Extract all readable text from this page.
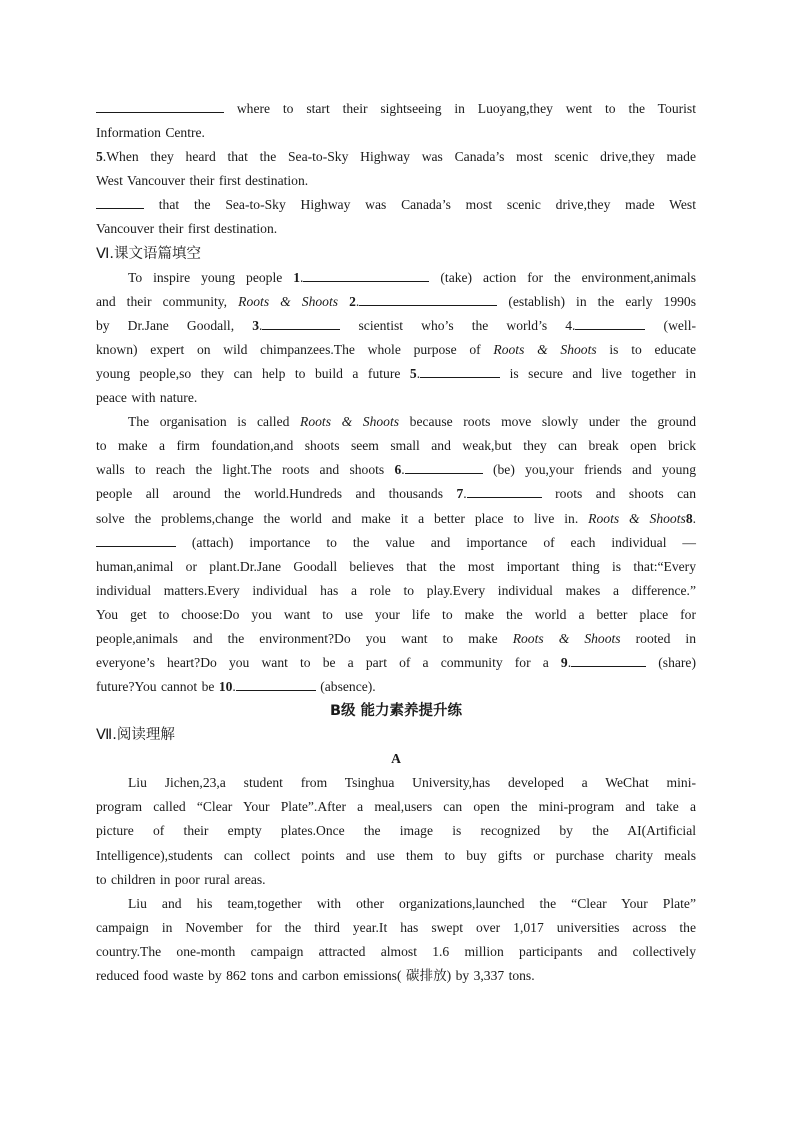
where to start their sightseeing in Luoyang,they went to the Tourist
Information Centre.
5.When they heard that the Sea-to-Sky Highway was Canada’s most scenic drive,they made
West Vancouver their first destination.
that the Sea-to-Sky Highway was Canada’s most scenic drive,they made West
Vancouver their first destination.
Ⅵ.课文语篇填空
To inspire young people 1.	(take) action for the environment,animals
and their community, Roots & Shoots 2.	(establish) in the early 1990s
by Dr.Jane Goodall, 3.	scientist who’s the world’s 4.	(well-
known) expert on wild chimpanzees.The whole purpose of Roots & Shoots is to educate
young people,so they can help to build a future 5.	is secure and live together in
peace with nature.
The organisation is called Roots & Shoots because roots move slowly under the ground
to make a firm foundation,and shoots seem small and weak,but they can break open brick
walls to reach the light.The roots and shoots 6.	(be) you,your friends and young
people all around the world.Hundreds and thousands 7.	roots and shoots can
solve the problems,change the world and make it a better place to live in. Roots & Shoots8.
(attach) importance to the value and importance of each individual —
human,animal or plant.Dr.Jane Goodall believes that the most important thing is that:“Every
individual matters.Every individual has a role to play.Every individual makes a difference.”
You get to choose:Do you want to use your life to make the world a better place for
people,animals and the environment?Do you want to make Roots & Shoots rooted in
everyone’s heart?Do you want to be a part of a community for a 9.	(share)
future?You cannot be 10.	(absence).
B级 能力素养提升练
Ⅶ.阅读理解
A
Liu Jichen,23,a student from Tsinghua University,has developed a WeChat mini-
program called “Clear Your Plate”.After a meal,users can open the mini-program and take a
picture of their empty plates.Once the image is recognized by the AI(Artificial
Intelligence),students can collect points and use them to buy gifts or purchase charity meals
to children in poor rural areas.
Liu and his team,together with other organizations,launched the “Clear Your Plate”
campaign in November for the third year.It has swept over 1,017 universities across the
country.The one-month campaign attracted almost 1.6 million participants and collectively
reduced food waste by 862 tons and carbon emissions( 碳排放) by 3,337 tons.
